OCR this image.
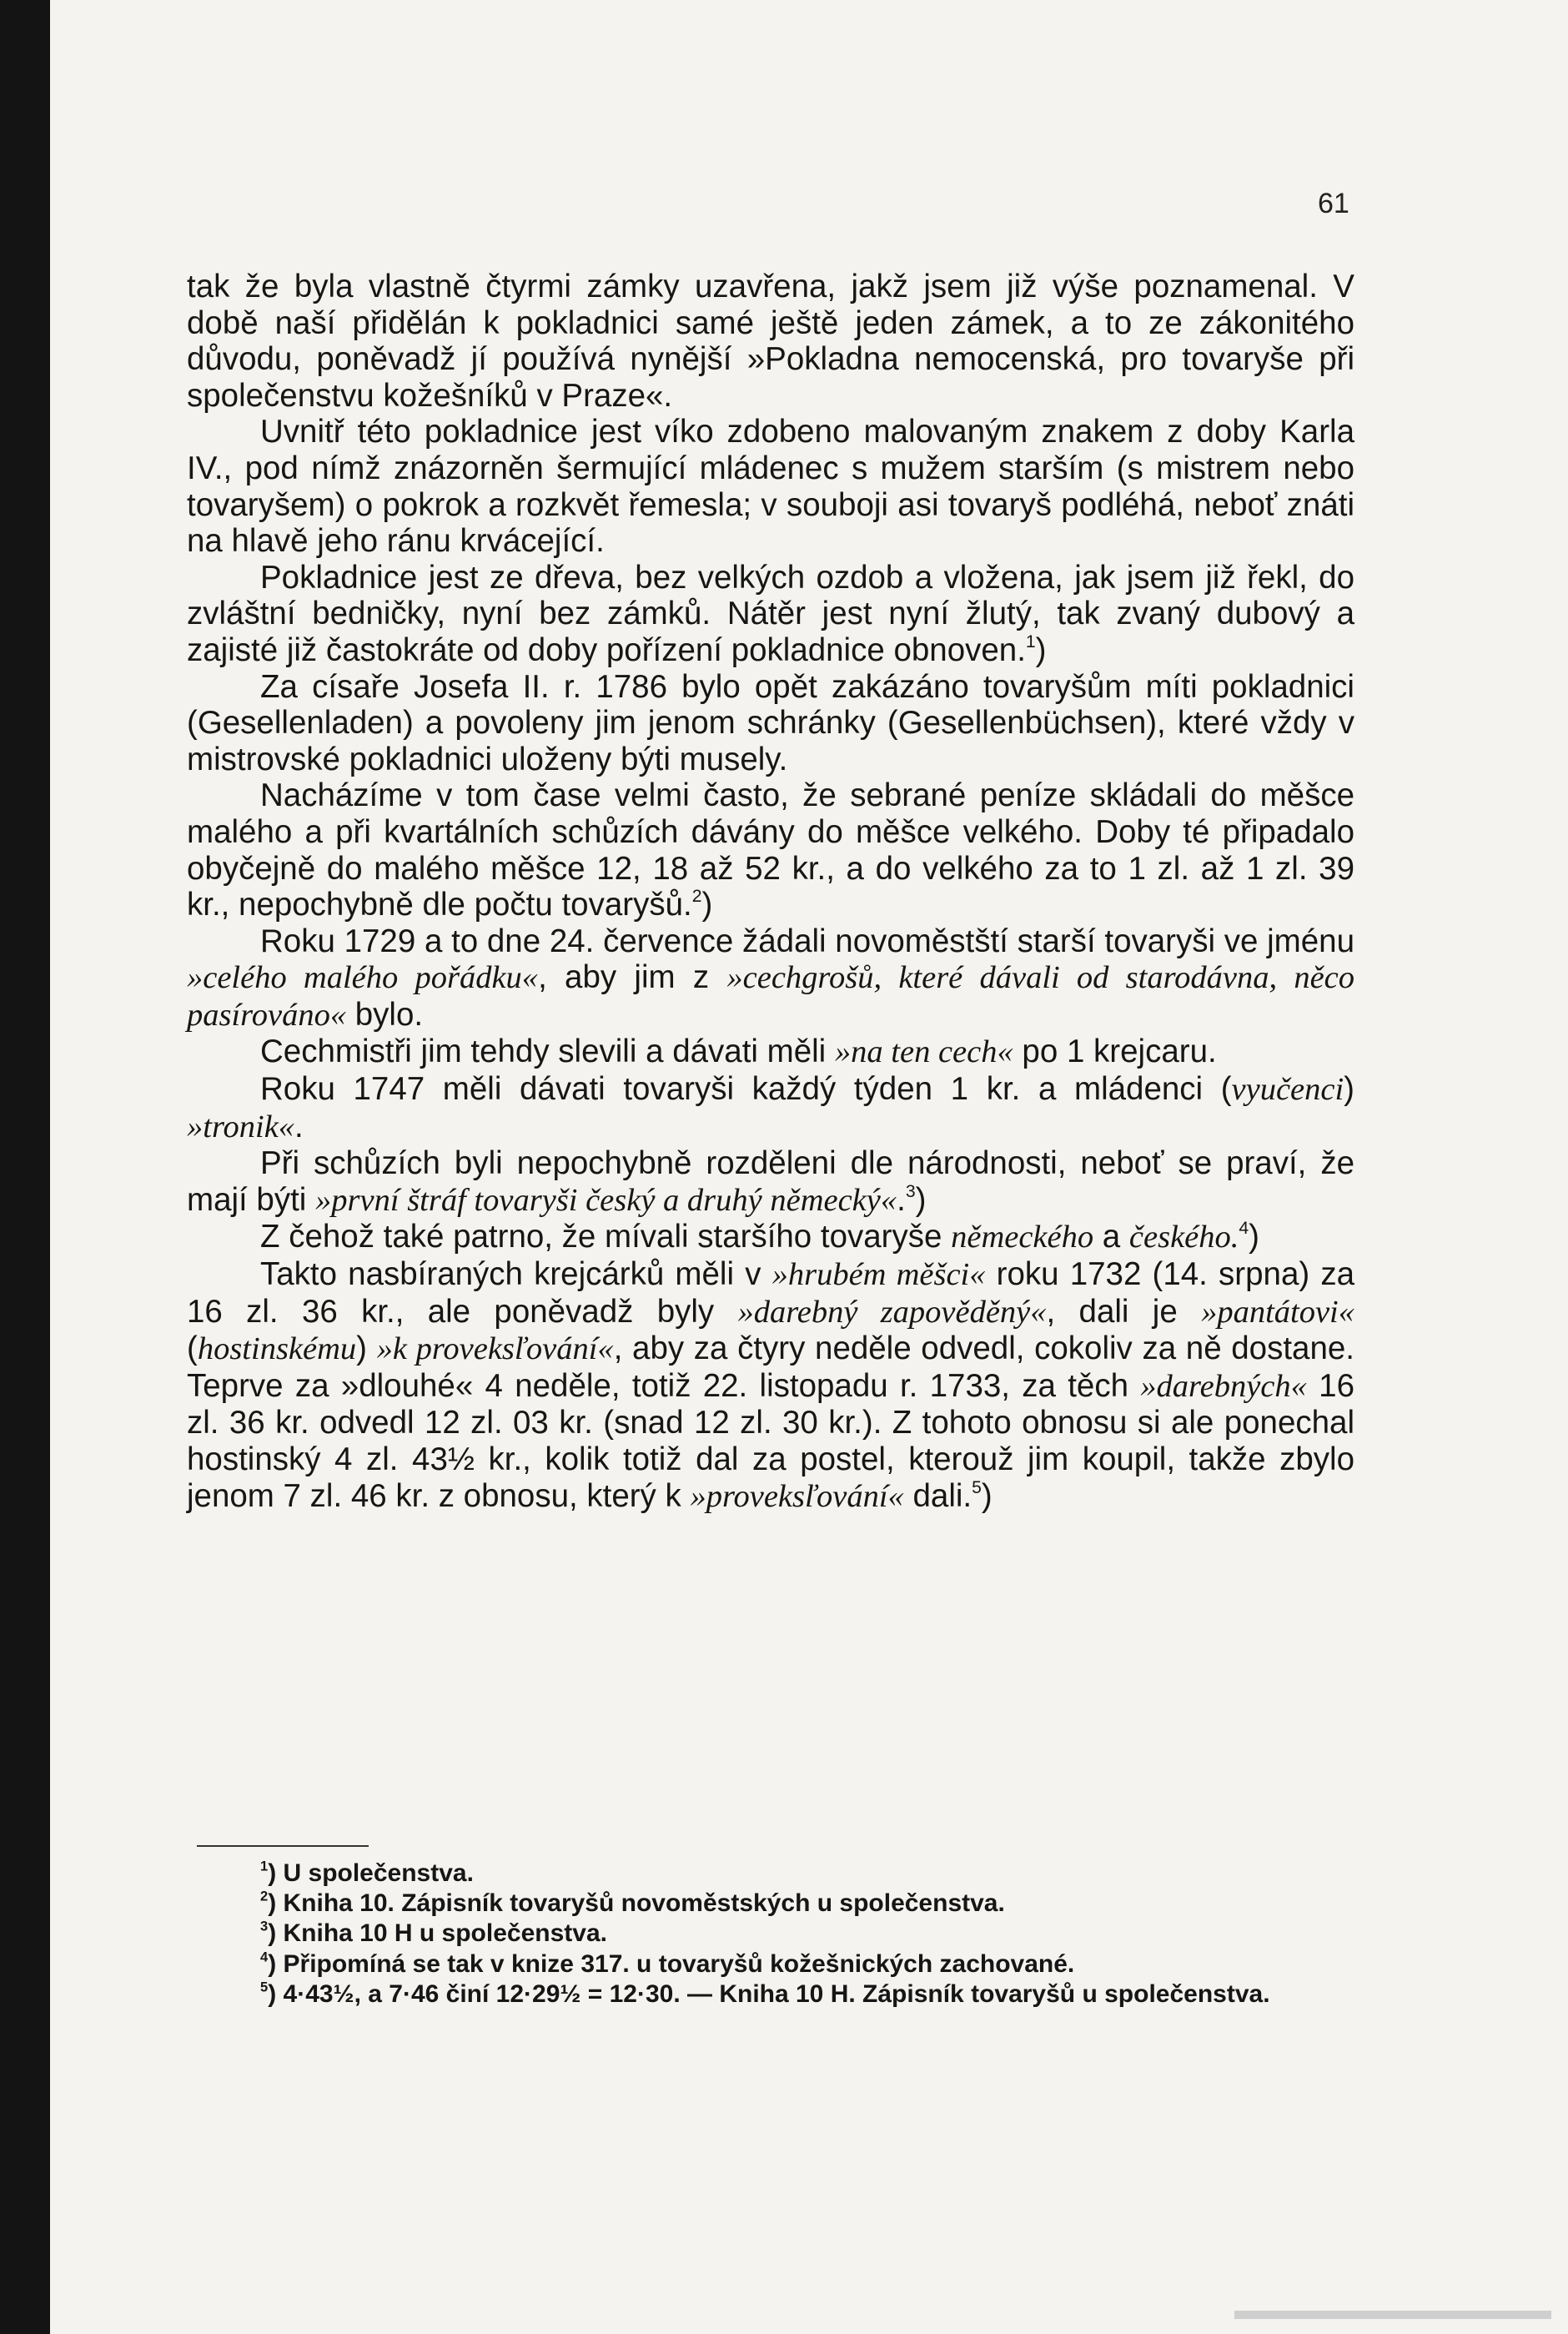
61

tak že byla vlastně čtyrmi zámky uzavřena, jakž jsem již výše poznamenal. V době naší přidělán k pokladnici samé ještě jeden zámek, a to ze zákonitého důvodu, poněvadž jí používá nynější »Pokladna nemocenská, pro tovaryše při společenstvu kožešníků v Praze«.

Uvnitř této pokladnice jest víko zdobeno malovaným znakem z doby Karla IV., pod nímž znázorněn šermující mládenec s mužem starším (s mistrem nebo tovaryšem) o pokrok a rozkvět řemesla; v souboji asi tovaryš podléhá, neboť znáti na hlavě jeho ránu krvácející.

Pokladnice jest ze dřeva, bez velkých ozdob a vložena, jak jsem již řekl, do zvláštní bedničky, nyní bez zámků. Nátěr jest nyní žlutý, tak zvaný dubový a zajisté již častokráte od doby pořízení pokladnice obnoven.$^1$)

Za císaře Josefa II. r. 1786 bylo opět zakázáno tovaryšům míti pokladnici (Gesellenladen) a povoleny jim jenom schránky (Gesellenbüchsen), které vždy v mistrovské pokladnici uloženy býti musely.

Nacházíme v tom čase velmi často, že sebrané peníze skládali do měšce malého a při kvartálních schůzích dávány do měšce velkého. Doby té připadalo obyčejně do malého měšce 12, 18 až 52 kr., a do velkého za to 1 zl. až 1 zl. 39 kr., nepochybně dle počtu tovaryšů.$^2$)

Roku 1729 a to dne 24. července žádali novoměstští starší tovaryši ve jménu »celého malého pořádku«, aby jim z »cechgrošů, které dávali od starodávna, něco pasírováno« bylo.

Cechmistři jim tehdy slevili a dávati měli »na ten cech« po 1 krejcaru.

Roku 1747 měli dávati tovaryši každý týden 1 kr. a mládenci (vyučenci) »tronik«.

Při schůzích byli nepochybně rozděleni dle národnosti, neboť se praví, že mají býti »první štráf tovaryši český a druhý německý«.$^3$)

Z čehož také patrno, že mívali staršího tovaryše německého a českého.$^4$)

Takto nasbíraných krejcárků měli v »hrubém měšci« roku 1732 (14. srpna) za 16 zl. 36 kr., ale poněvadž byly »darebný zapověděný«, dali je »pantátovi« (hostinskému) »k proveksľování«, aby za čtyry neděle odvedl, cokoliv za ně dostane. Teprve za »dlouhé« 4 neděle, totiž 22. listopadu r. 1733, za těch »darebných« 16 zl. 36 kr. odvedl 12 zl. 03 kr. (snad 12 zl. 30 kr.). Z tohoto obnosu si ale ponechal hostinský 4 zl. 43½ kr., kolik totiž dal za postel, kterouž jim koupil, takže zbylo jenom 7 zl. 46 kr. z obnosu, který k »proveksľování« dali.$^5$)

$^1$) U společenstva.

$^2$) Kniha 10. Zápisník tovaryšů novoměstských u společenstva.

$^3$) Kniha 10 H u společenstva.

$^4$) Připomíná se tak v knize 317. u tovaryšů kožešnických zachované.

$^5$) 4·43½, a 7·46 činí 12·29½ = 12·30. — Kniha 10 H. Zápisník tovaryšů u společenstva.
